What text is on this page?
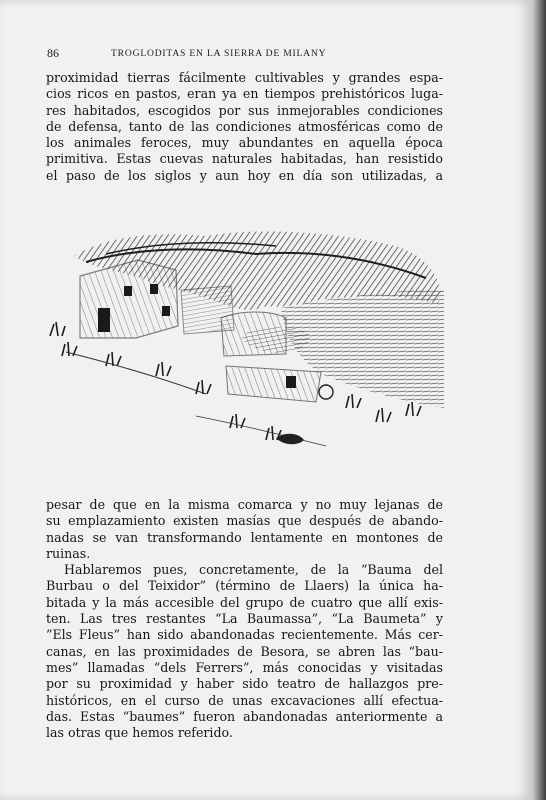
86	TROGLODITAS EN LA SIERRA DE MILANY
proximidad tierras fácilmente cultivables y grandes espa-
cios ricos en pastos, eran ya en tiempos prehistóricos luga-
res habitados, escogidos por sus inmejorables condiciones
de defensa, tanto de las condiciones atmosféricas como de
los animales feroces, muy abundantes en aquella época
primitiva. Estas cuevas naturales habitadas, han resistido
el paso de los siglos y aun hoy en día son utilizadas, a
pesar de que en la misma comarca y no muy lejanas de
su emplazamiento existen masías que después de abando-
nadas se van transformando lentamente en montones de
ruinas.
Hablaremos pues, concretamente, de la “Bauma del
Burbau o del Teixidor” (término de Llaers) la única ha-
bitada y la más accesible del grupo de cuatro que allí exis-
ten. Las tres restantes “La Baumassa”, “La Baumeta” y
”Els Fleus” han sido abandonadas recientemente. Más cer-
canas, en las proximidades de Besora, se abren las “bau-
mes” llamadas “dels Ferrers”, más conocidas y visitadas
por su proximidad y haber sido teatro de hallazgos pre-
históricos, en el curso de unas excavaciones allí efectua-
das. Estas “baumes” fueron abandonadas anteriormente a
las otras que hemos referido.
